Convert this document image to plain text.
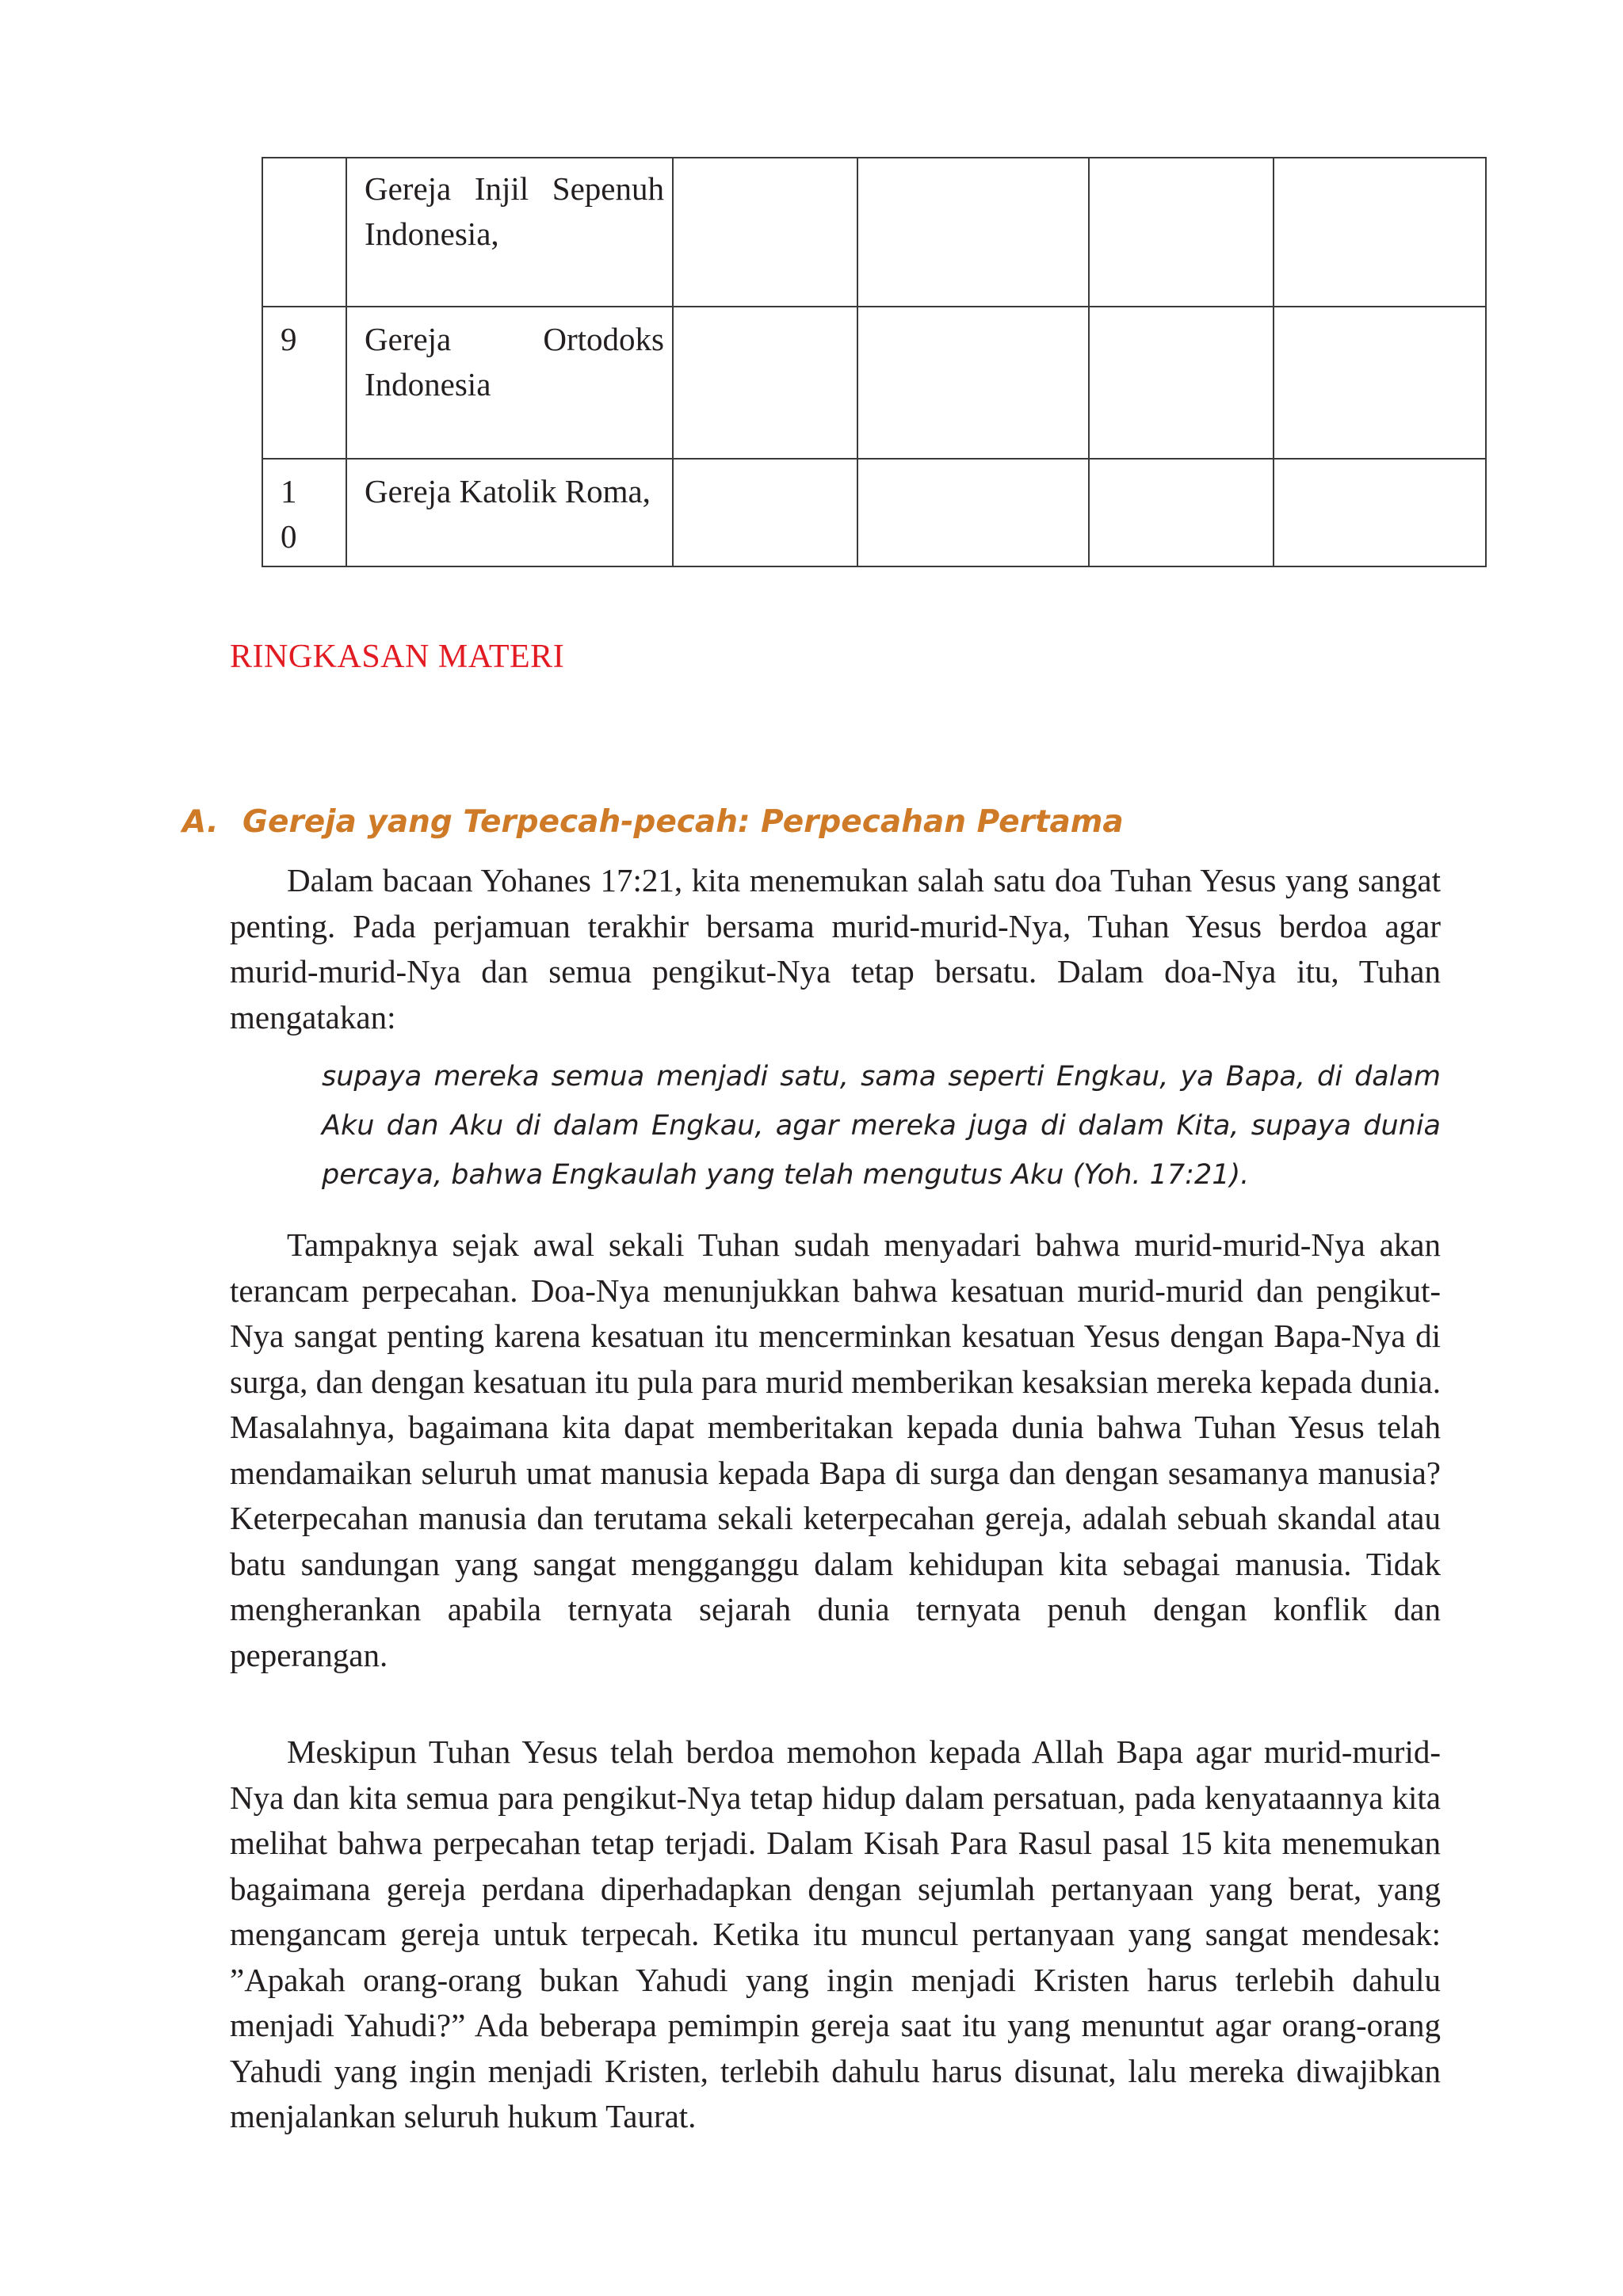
	Gereja Injil Sepenuh Indonesia,				

9	Gereja Ortodoks Indonesia				

10	Gereja Katolik Roma,				
RINGKASAN MATERI
A. Gereja yang Terpecah-pecah: Perpecahan Pertama

Dalam bacaan Yohanes 17:21, kita menemukan salah satu doa Tuhan Yesus yang sangat penting. Pada perjamuan terakhir bersama murid-murid-Nya, Tuhan Yesus berdoa agar murid-murid-Nya dan semua pengikut-Nya tetap bersatu. Dalam doa-Nya itu, Tuhan mengatakan:

supaya mereka semua menjadi satu, sama seperti Engkau, ya Bapa, di dalam Aku dan Aku di dalam Engkau, agar mereka juga di dalam Kita, supaya dunia percaya, bahwa Engkaulah yang telah mengutus Aku (Yoh. 17:21).

Tampaknya sejak awal sekali Tuhan sudah menyadari bahwa murid-murid-Nya akan terancam perpecahan. Doa-Nya menunjukkan bahwa kesatuan murid-murid dan pengikut-Nya sangat penting karena kesatuan itu mencerminkan kesatuan Yesus dengan Bapa-Nya di surga, dan dengan kesatuan itu pula para murid memberikan kesaksian mereka kepada dunia. Masalahnya, bagaimana kita dapat memberitakan kepada dunia bahwa Tuhan Yesus telah mendamaikan seluruh umat manusia kepada Bapa di surga dan dengan sesamanya manusia? Keterpecahan manusia dan terutama sekali keterpecahan gereja, adalah sebuah skandal atau batu sandungan yang sangat mengganggu dalam kehidupan kita sebagai manusia. Tidak mengherankan apabila ternyata sejarah dunia ternyata penuh dengan konflik dan peperangan.

Meskipun Tuhan Yesus telah berdoa memohon kepada Allah Bapa agar murid-murid-Nya dan kita semua para pengikut-Nya tetap hidup dalam persatuan, pada kenyataannya kita melihat bahwa perpecahan tetap terjadi. Dalam Kisah Para Rasul pasal 15 kita menemukan bagaimana gereja perdana diperhadapkan dengan sejumlah pertanyaan yang berat, yang mengancam gereja untuk terpecah. Ketika itu muncul pertanyaan yang sangat mendesak: ”Apakah orang-orang bukan Yahudi yang ingin menjadi Kristen harus terlebih dahulu menjadi Yahudi?” Ada beberapa pemimpin gereja saat itu yang menuntut agar orang-orang Yahudi yang ingin menjadi Kristen, terlebih dahulu harus disunat, lalu mereka diwajibkan menjalankan seluruh hukum Taurat.
